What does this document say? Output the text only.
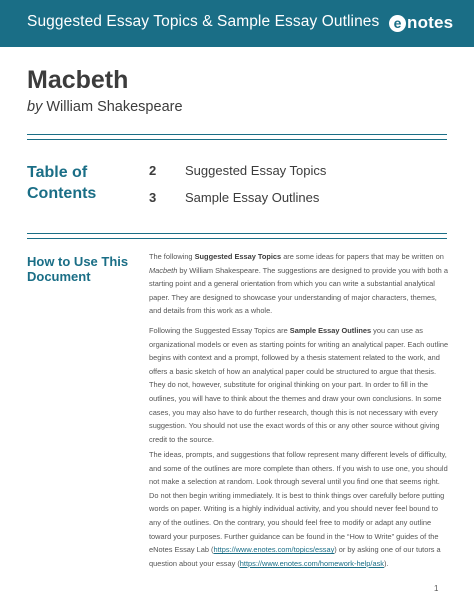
Suggested Essay Topics & Sample Essay Outlines	e notes
Macbeth
by William Shakespeare
Table of Contents
2 Suggested Essay Topics
3 Sample Essay Outlines
How to Use This Document

The following Suggested Essay Topics are some ideas for papers that may be written on Macbeth by William Shakespeare. The suggestions are designed to provide you with both a starting point and a general orientation from which you can write a substantial analytical paper. They are designed to showcase your understanding of major characters, themes, and details from this work as a whole.

Following the Suggested Essay Topics are Sample Essay Outlines you can use as organizational models or even as starting points for writing an analytical paper. Each outline begins with context and a prompt, followed by a thesis statement related to the work, and offers a basic sketch of how an analytical paper could be structured to argue that thesis. They do not, however, substitute for original thinking on your part. In order to fill in the outlines, you will have to think about the themes and draw your own conclusions. In some cases, you may also have to do further research, though this is not necessary with every suggestion. You should not use the exact words of this or any other source without giving credit to the source.

The ideas, prompts, and suggestions that follow represent many different levels of difficulty, and some of the outlines are more complete than others. If you wish to use one, you should not make a selection at random. Look through several until you find one that seems right. Do not then begin writing immediately. It is best to think things over carefully before putting words on paper. Writing is a highly individual activity, and you should never feel bound to any of the outlines. On the contrary, you should feel free to modify or adapt any outline toward your purposes. Further guidance can be found in the “How to Write” guides of the eNotes Essay Lab (https://www.enotes.com/topics/essay) or by asking one of our tutors a question about your essay (https://www.enotes.com/homework-help/ask).

1
